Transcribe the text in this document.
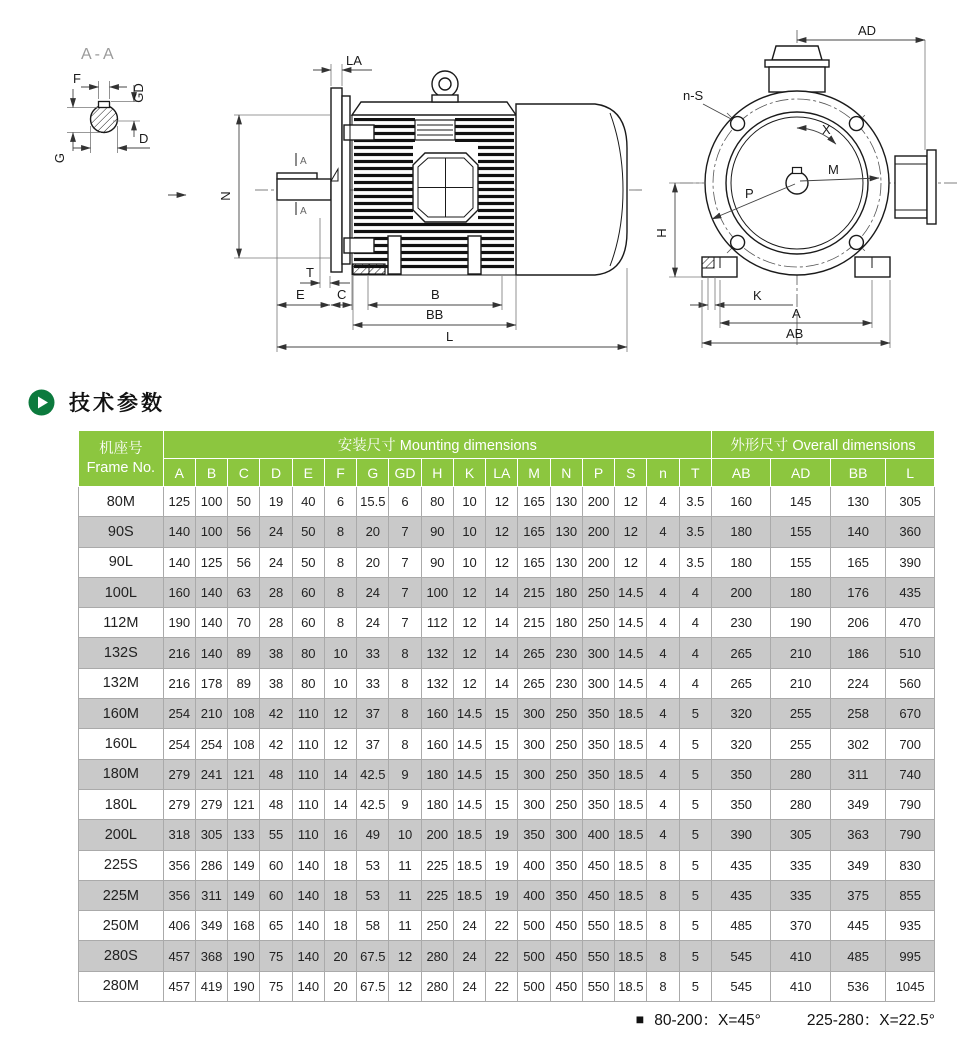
A-A
F
GD
D
G
LA
N
A
A
T
E C	B
BB
L
AD
n-S
X
M
P
H
K
A
AB
技术参数
机座号
Frame No.	安装尺寸 Mounting dimensions																	外形尺寸 Overall dimensions			
	A	B	C	D	E	F	G	GD	H	K	LA	M	N	P	S	n	T	AB	AD	BB	L
80M	125	100	50	19	40	6	15.5	6	80	10	12	165	130	200	12	4	3.5	160	145	130	305
90S	140	100	56	24	50	8	20	7	90	10	12	165	130	200	12	4	3.5	180	155	140	360
90L	140	125	56	24	50	8	20	7	90	10	12	165	130	200	12	4	3.5	180	155	165	390
100L	160	140	63	28	60	8	24	7	100	12	14	215	180	250	14.5	4	4	200	180	176	435
112M	190	140	70	28	60	8	24	7	112	12	14	215	180	250	14.5	4	4	230	190	206	470
132S	216	140	89	38	80	10	33	8	132	12	14	265	230	300	14.5	4	4	265	210	186	510
132M	216	178	89	38	80	10	33	8	132	12	14	265	230	300	14.5	4	4	265	210	224	560
160M	254	210	108	42	110	12	37	8	160	14.5	15	300	250	350	18.5	4	5	320	255	258	670
160L	254	254	108	42	110	12	37	8	160	14.5	15	300	250	350	18.5	4	5	320	255	302	700
180M	279	241	121	48	110	14	42.5	9	180	14.5	15	300	250	350	18.5	4	5	350	280	311	740
180L	279	279	121	48	110	14	42.5	9	180	14.5	15	300	250	350	18.5	4	5	350	280	349	790
200L	318	305	133	55	110	16	49	10	200	18.5	19	350	300	400	18.5	4	5	390	305	363	790
225S	356	286	149	60	140	18	53	11	225	18.5	19	400	350	450	18.5	8	5	435	335	349	830
225M	356	311	149	60	140	18	53	11	225	18.5	19	400	350	450	18.5	8	5	435	335	375	855
250M	406	349	168	65	140	18	58	11	250	24	22	500	450	550	18.5	8	5	485	370	445	935
280S	457	368	190	75	140	20	67.5	12	280	24	22	500	450	550	18.5	8	5	545	410	485	995
280M	457	419	190	75	140	20	67.5	12	280	24	22	500	450	550	18.5	8	5	545	410	536	1045
■ 80-200：X=45°	225-280：X=22.5°
